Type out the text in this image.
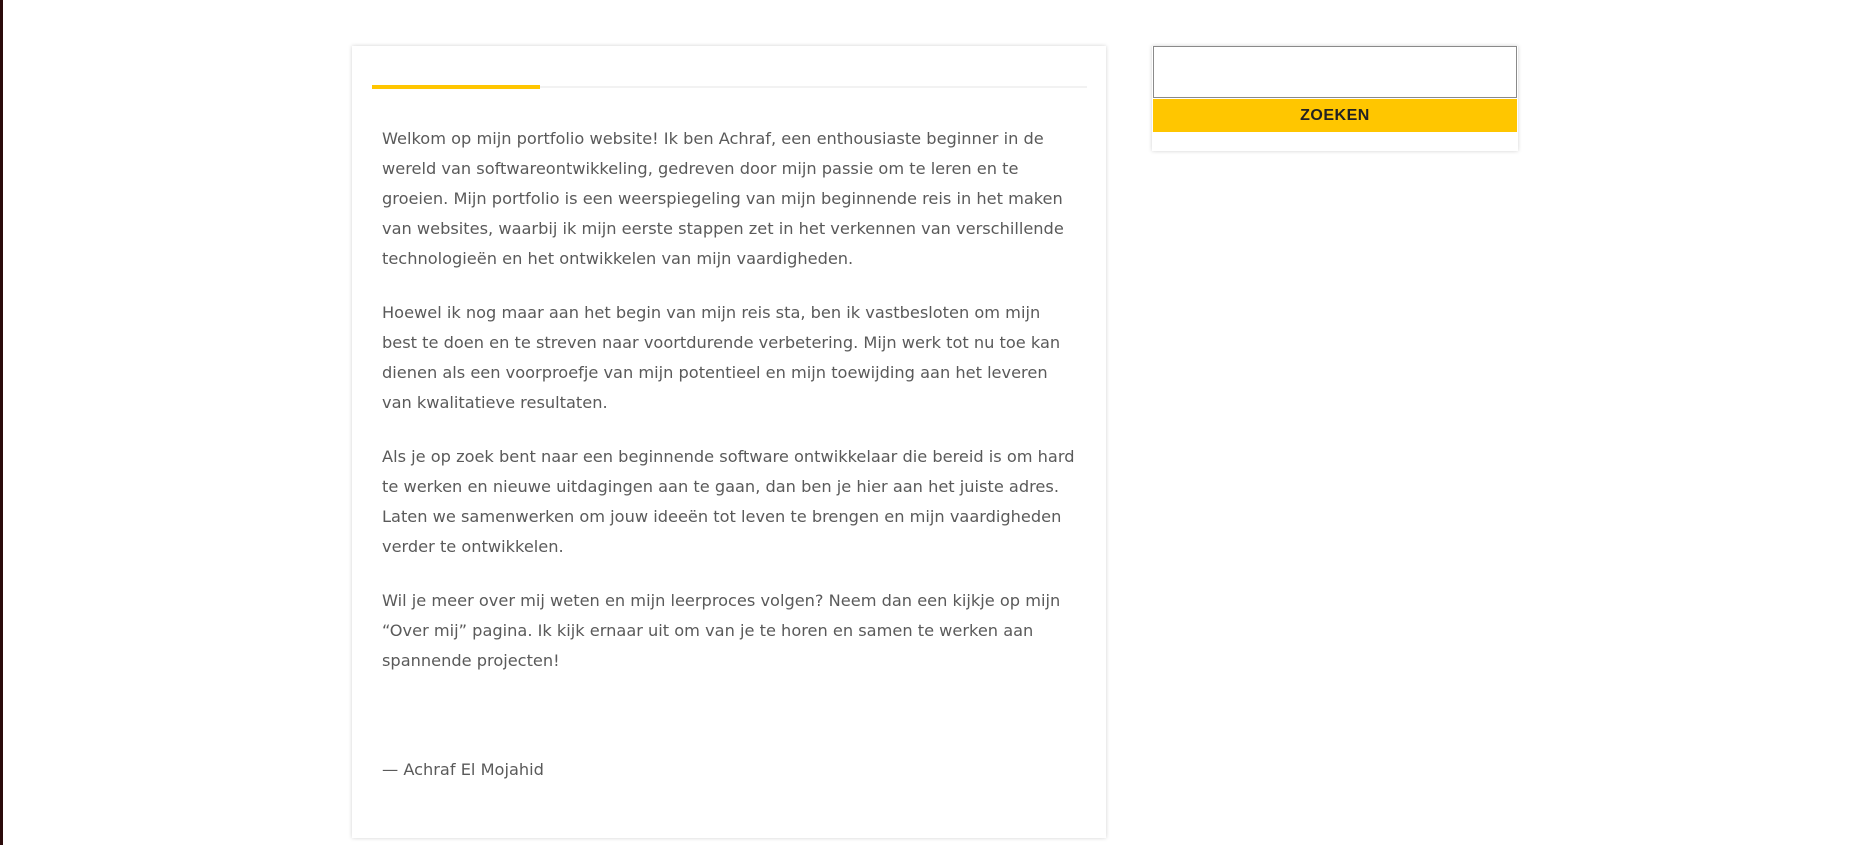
Welkom op mijn portfolio website! Ik ben Achraf, een enthousiaste beginner in de wereld van softwareontwikkeling, gedreven door mijn passie om te leren en te groeien. Mijn portfolio is een weerspiegeling van mijn beginnende reis in het maken van websites, waarbij ik mijn eerste stappen zet in het verkennen van verschillende technologieën en het ontwikkelen van mijn vaardigheden.

Hoewel ik nog maar aan het begin van mijn reis sta, ben ik vastbesloten om mijn best te doen en te streven naar voortdurende verbetering. Mijn werk tot nu toe kan dienen als een voorproefje van mijn potentieel en mijn toewijding aan het leveren van kwalitatieve resultaten.

Als je op zoek bent naar een beginnende software ontwikkelaar die bereid is om hard te werken en nieuwe uitdagingen aan te gaan, dan ben je hier aan het juiste adres. Laten we samenwerken om jouw ideeën tot leven te brengen en mijn vaardigheden verder te ontwikkelen.

Wil je meer over mij weten en mijn leerproces volgen? Neem dan een kijkje op mijn “Over mij” pagina. Ik kijk ernaar uit om van je te horen en samen te werken aan spannende projecten!

— Achraf El Mojahid

ZOEKEN
